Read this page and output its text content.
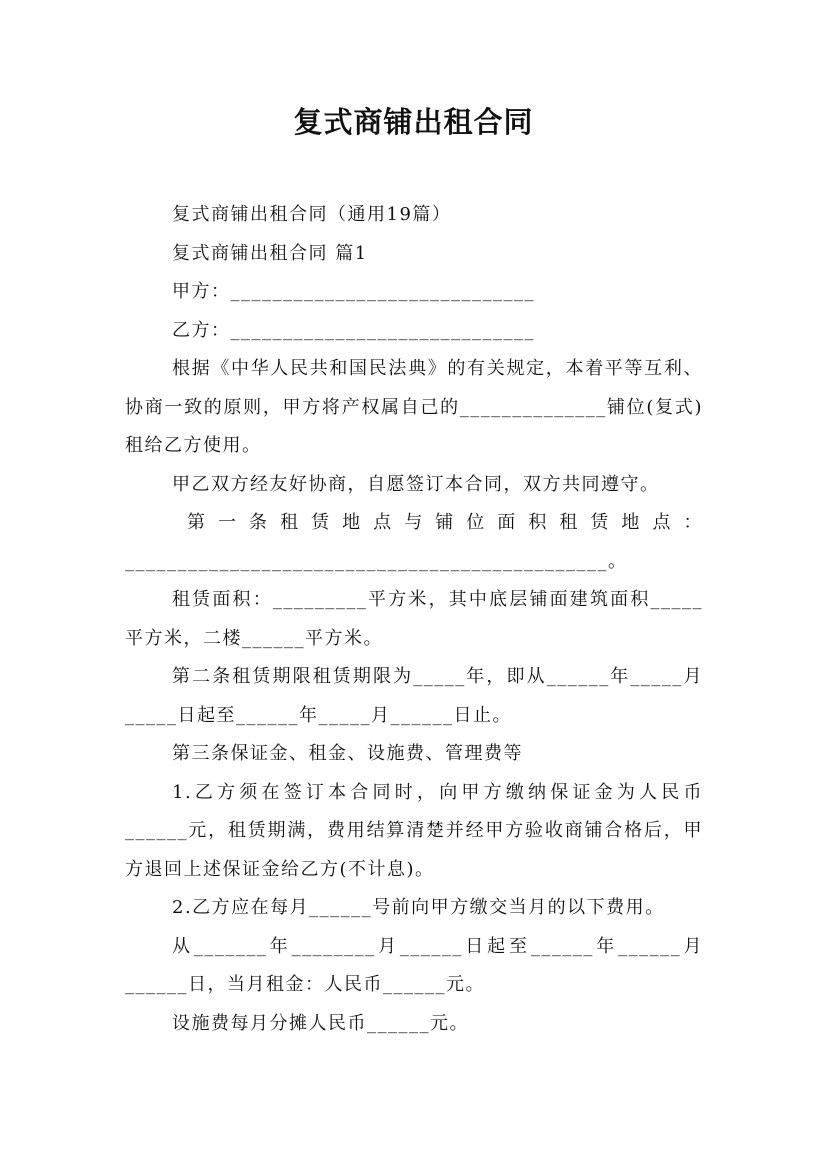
复式商铺出租合同

复式商铺出租合同（通用19篇）

复式商铺出租合同 篇1

甲方：_____________________________

乙方：_____________________________

根据《中华人民共和国民法典》的有关规定，本着平等互利、协商一致的原则，甲方将产权属自己的______________铺位(复式)租给乙方使用。

甲乙双方经友好协商，自愿签订本合同，双方共同遵守。

第一条租赁地点与铺位面积租赁地点：

______________________________________________。

租赁面积：_________平方米，其中底层铺面建筑面积_____平方米，二楼______平方米。

第二条租赁期限租赁期限为_____年，即从______年_____月_____日起至______年_____月______日止。

第三条保证金、租金、设施费、管理费等

1.乙方须在签订本合同时，向甲方缴纳保证金为人民币______元，租赁期满，费用结算清楚并经甲方验收商铺合格后，甲方退回上述保证金给乙方(不计息)。

2.乙方应在每月______号前向甲方缴交当月的以下费用。

从_______年________月______日起至______年______月______日，当月租金：人民币______元。

设施费每月分摊人民币______元。
